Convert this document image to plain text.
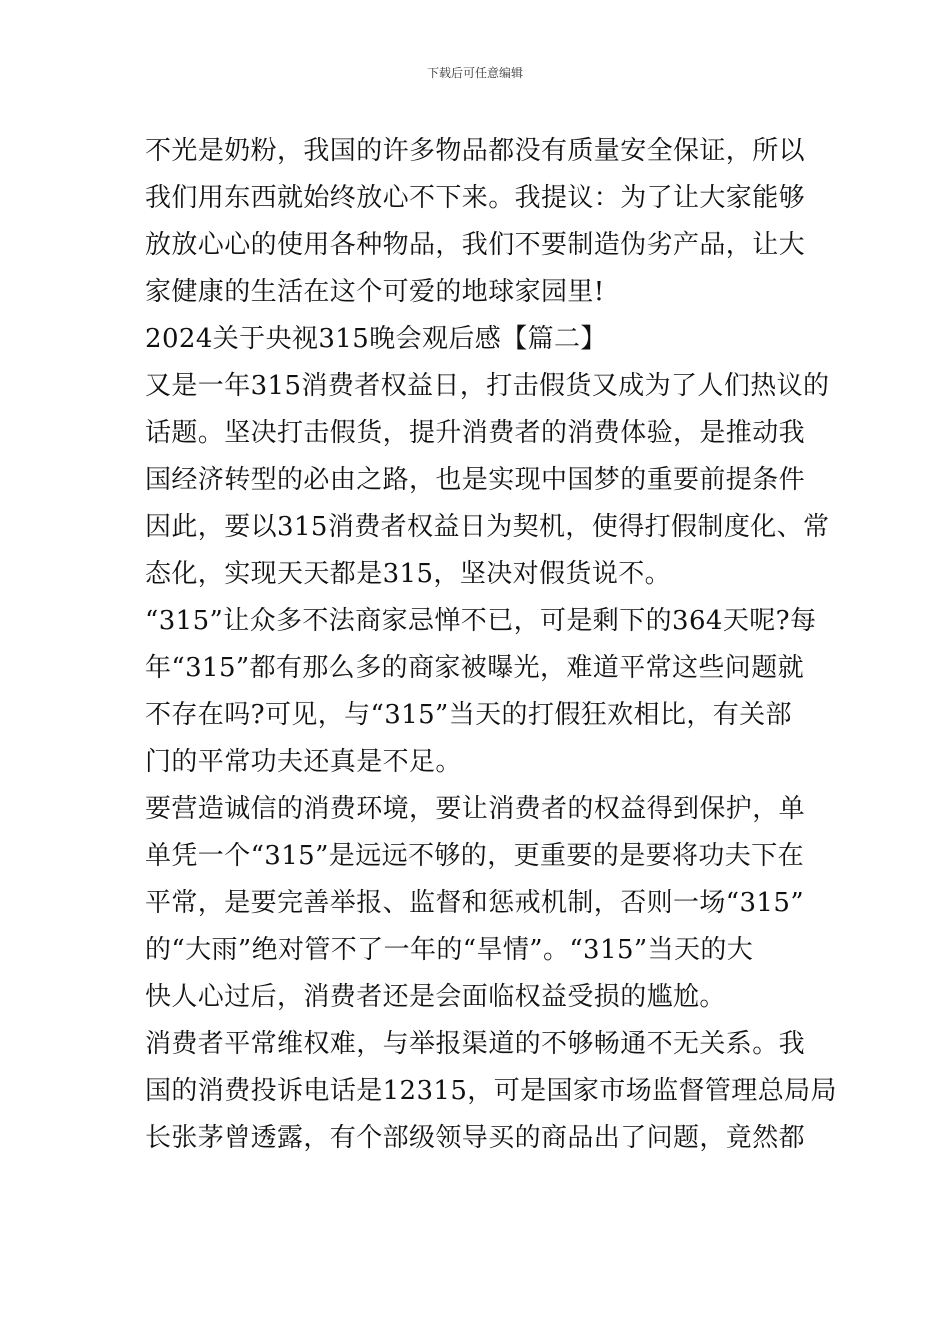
下载后可任意编辑
不光是奶粉，我国的许多物品都没有质量安全保证，所以
我们用东西就始终放心不下来。我提议：为了让大家能够
放放心心的使用各种物品，我们不要制造伪劣产品，让大
家健康的生活在这个可爱的地球家园里!
2024关于央视315晚会观后感【篇二】
又是一年315消费者权益日，打击假货又成为了人们热议的
话题。坚决打击假货，提升消费者的消费体验，是推动我
国经济转型的必由之路，也是实现中国梦的重要前提条件
因此，要以315消费者权益日为契机，使得打假制度化、常
态化，实现天天都是315，坚决对假货说不。
“315”让众多不法商家忌惮不已，可是剩下的364天呢?每
年“315”都有那么多的商家被曝光，难道平常这些问题就
不存在吗?可见，与“315”当天的打假狂欢相比，有关部
门的平常功夫还真是不足。
要营造诚信的消费环境，要让消费者的权益得到保护，单
单凭一个“315”是远远不够的，更重要的是要将功夫下在
平常，是要完善举报、监督和惩戒机制，否则一场“315”
的“大雨”绝对管不了一年的“旱情”。“315”当天的大
快人心过后，消费者还是会面临权益受损的尴尬。
消费者平常维权难，与举报渠道的不够畅通不无关系。我
国的消费投诉电话是12315，可是国家市场监督管理总局局
长张茅曾透露，有个部级领导买的商品出了问题，竟然都
